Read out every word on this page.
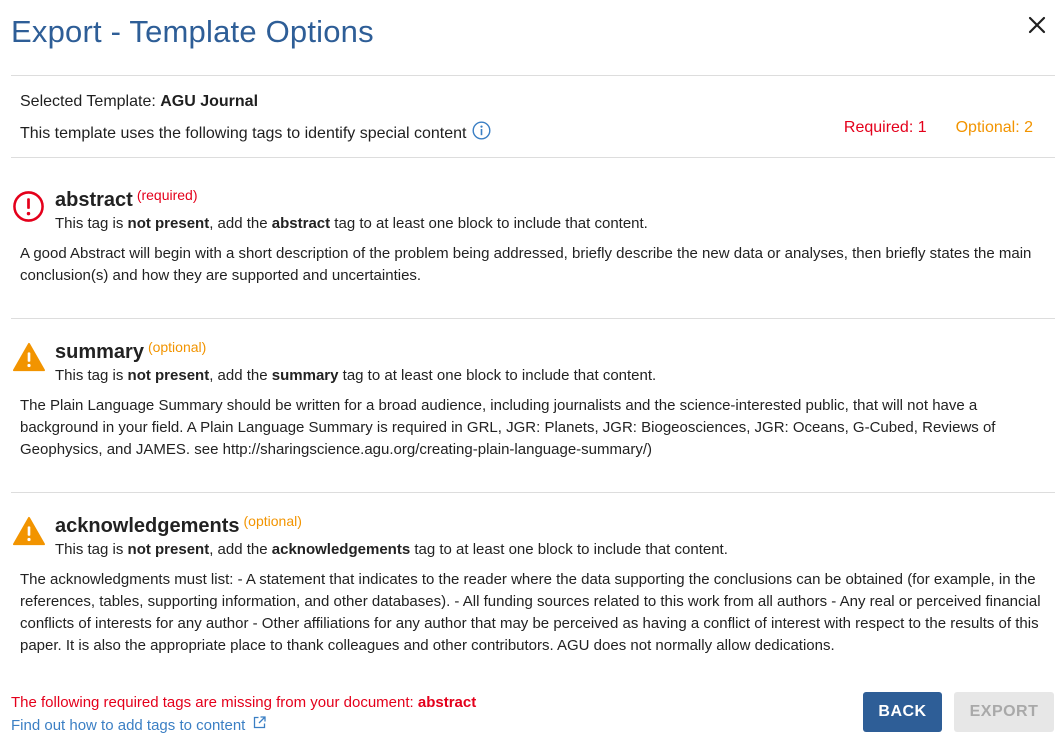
Export - Template Options
Selected Template: AGU Journal
This template uses the following tags to identify special content	Required: 1 Optional: 2
abstract $^{(required)}$
This tag is not present, add the abstract tag to at least one block to include that content.
A good Abstract will begin with a short description of the problem being addressed, briefly describe the new data or analyses, then briefly states the main conclusion(s) and how they are supported and uncertainties.
summary $^{(optional)}$
This tag is not present, add the summary tag to at least one block to include that content.
The Plain Language Summary should be written for a broad audience, including journalists and the science-interested public, that will not have a background in your field. A Plain Language Summary is required in GRL, JGR: Planets, JGR: Biogeosciences, JGR: Oceans, G-Cubed, Reviews of Geophysics, and JAMES. see http://sharingscience.agu.org/creating-plain-language-summary/)
acknowledgements $^{(optional)}$
This tag is not present, add the acknowledgements tag to at least one block to include that content.
The acknowledgments must list: - A statement that indicates to the reader where the data supporting the conclusions can be obtained (for example, in the references, tables, supporting information, and other databases). - All funding sources related to this work from all authors - Any real or perceived financial conflicts of interests for any author - Other affiliations for any author that may be perceived as having a conflict of interest with respect to the results of this paper. It is also the appropriate place to thank colleagues and other contributors. AGU does not normally allow dedications.
The following required tags are missing from your document: abstract
Find out how to add tags to content
BACK	EXPORT
